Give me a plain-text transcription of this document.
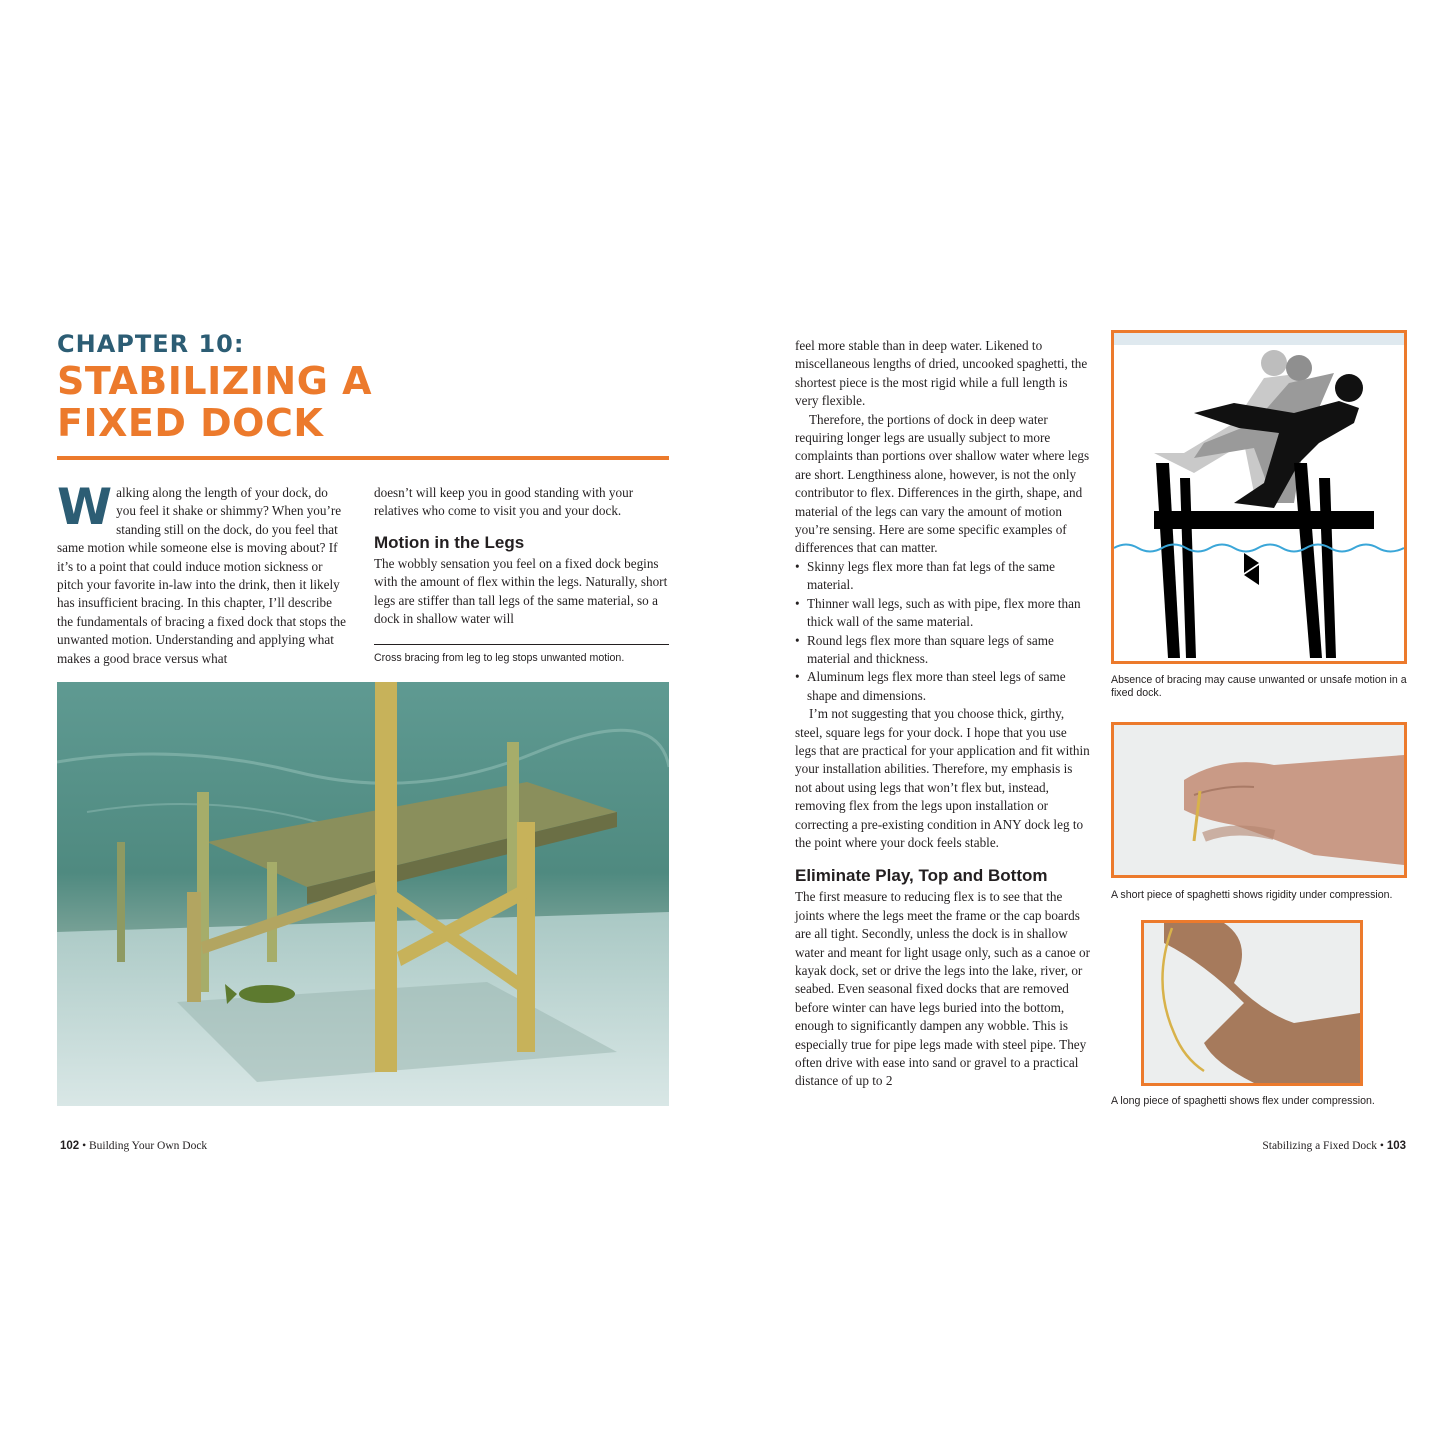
CHAPTER 10:
STABILIZING A
FIXED DOCK
W alking along the length of your dock, do you feel it shake or shimmy? When you’re standing still on the dock, do you feel that same motion while someone else is moving about? If it’s to a point that could induce motion sickness or pitch your favorite in-law into the drink, then it likely has insufficient bracing. In this chapter, I’ll describe the fundamentals of bracing a fixed dock that stops the unwanted motion. Understanding and applying what makes a good brace versus what

doesn’t will keep you in good standing with your relatives who come to visit you and your dock.

Motion in the Legs

The wobbly sensation you feel on a fixed dock begins with the amount of flex within the legs. Naturally, short legs are stiffer than tall legs of the same material, so a dock in shallow water will

Cross bracing from leg to leg stops unwanted motion.
102 • Building Your Own Dock

feel more stable than in deep water. Likened to miscellaneous lengths of dried, uncooked spaghetti, the shortest piece is the most rigid while a full length is very flexible.

Therefore, the portions of dock in deep water requiring longer legs are usually subject to more complaints than portions over shallow water where legs are short. Lengthiness alone, however, is not the only contributor to flex. Differences in the girth, shape, and material of the legs can vary the amount of motion you’re sensing. Here are some specific examples of differences that can matter.

• Skinny legs flex more than fat legs of the same material.
• Thinner wall legs, such as with pipe, flex more than thick wall of the same material.
• Round legs flex more than square legs of same material and thickness.
• Aluminum legs flex more than steel legs of same shape and dimensions.

I’m not suggesting that you choose thick, girthy, steel, square legs for your dock. I hope that you use legs that are practical for your application and fit within your installation abilities. Therefore, my emphasis is not about using legs that won’t flex but, instead, removing flex from the legs upon installation or correcting a pre-existing condition in ANY dock leg to the point where your dock feels stable.

Eliminate Play, Top and Bottom

The first measure to reducing flex is to see that the joints where the legs meet the frame or the cap boards are all tight. Secondly, unless the dock is in shallow water and meant for light usage only, such as a canoe or kayak dock, set or drive the legs into the lake, river, or seabed. Even seasonal fixed docks that are removed before winter can have legs buried into the bottom, enough to significantly dampen any wobble. This is especially true for pipe legs made with steel pipe. They often drive with ease into sand or gravel to a practical distance of up to 2

Absence of bracing may cause unwanted or unsafe motion in a fixed dock.
A short piece of spaghetti shows rigidity under compression.
A long piece of spaghetti shows flex under compression.
Stabilizing a Fixed Dock • 103
